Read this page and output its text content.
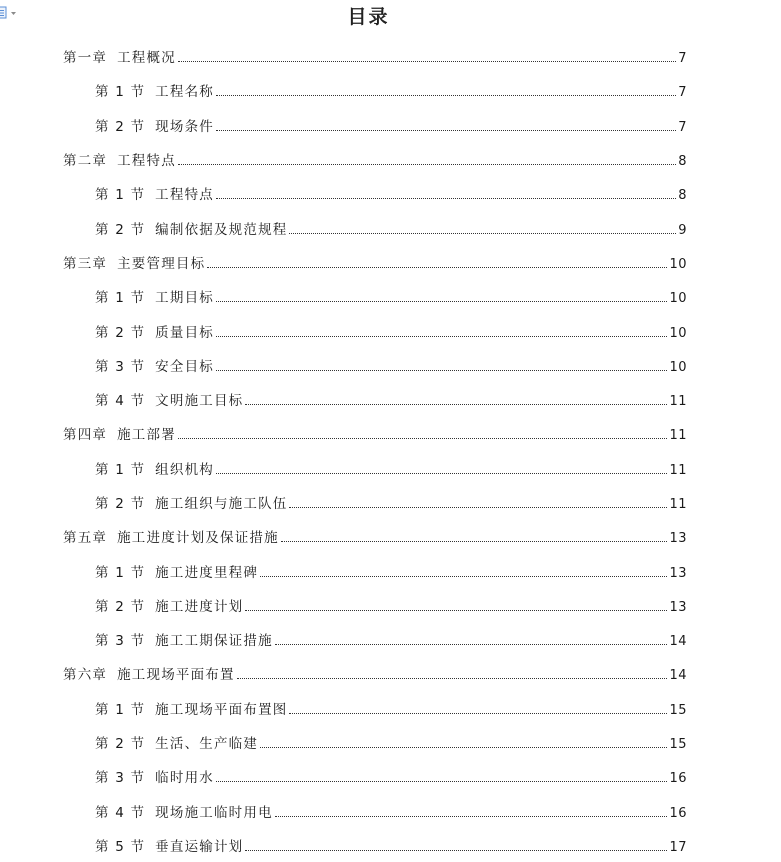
目录
第一章 工程概况	7
第 1 节 工程名称	7
第 2 节 现场条件	7
第二章 工程特点	8
第 1 节 工程特点	8
第 2 节 编制依据及规范规程	9
第三章 主要管理目标	10
第 1 节 工期目标	10
第 2 节 质量目标	10
第 3 节 安全目标	10
第 4 节 文明施工目标	11
第四章 施工部署	11
第 1 节 组织机构	11
第 2 节 施工组织与施工队伍	11
第五章 施工进度计划及保证措施	13
第 1 节 施工进度里程碑	13
第 2 节 施工进度计划	13
第 3 节 施工工期保证措施	14
第六章 施工现场平面布置	14
第 1 节 施工现场平面布置图	15
第 2 节 生活、生产临建	15
第 3 节 临时用水	16
第 4 节 现场施工临时用电	16
第 5 节 垂直运输计划	17
